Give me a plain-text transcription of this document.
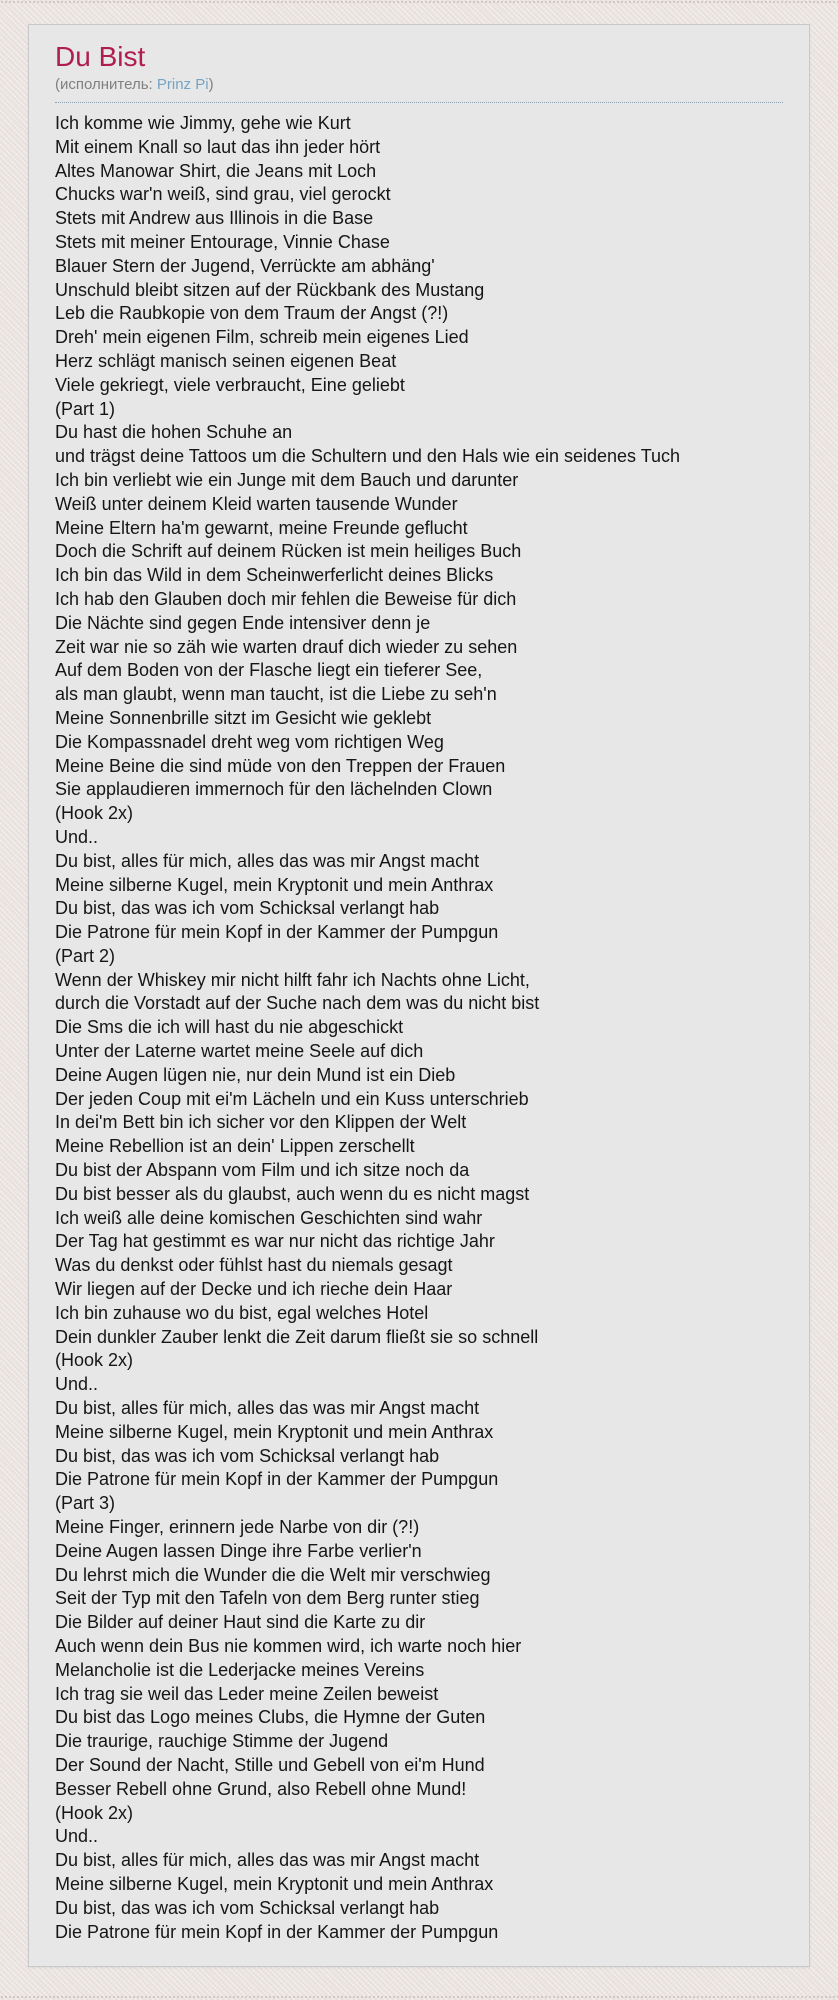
Du Bist
(исполнитель: Prinz Pi)
Ich komme wie Jimmy, gehe wie Kurt
Mit einem Knall so laut das ihn jeder hört
Altes Manowar Shirt, die Jeans mit Loch
Chucks war'n weiß, sind grau, viel gerockt
Stets mit Andrew aus Illinois in die Base
Stets mit meiner Entourage, Vinnie Chase
Blauer Stern der Jugend, Verrückte am abhäng'
Unschuld bleibt sitzen auf der Rückbank des Mustang
Leb die Raubkopie von dem Traum der Angst (?!)
Dreh' mein eigenen Film, schreib mein eigenes Lied
Herz schlägt manisch seinen eigenen Beat
Viele gekriegt, viele verbraucht, Eine geliebt
(Part 1)
Du hast die hohen Schuhe an
und trägst deine Tattoos um die Schultern und den Hals wie ein seidenes Tuch
Ich bin verliebt wie ein Junge mit dem Bauch und darunter
Weiß unter deinem Kleid warten tausende Wunder
Meine Eltern ha'm gewarnt, meine Freunde geflucht
Doch die Schrift auf deinem Rücken ist mein heiliges Buch
Ich bin das Wild in dem Scheinwerferlicht deines Blicks
Ich hab den Glauben doch mir fehlen die Beweise für dich
Die Nächte sind gegen Ende intensiver denn je
Zeit war nie so zäh wie warten drauf dich wieder zu sehen
Auf dem Boden von der Flasche liegt ein tieferer See,
als man glaubt, wenn man taucht, ist die Liebe zu seh'n
Meine Sonnenbrille sitzt im Gesicht wie geklebt
Die Kompassnadel dreht weg vom richtigen Weg
Meine Beine die sind müde von den Treppen der Frauen
Sie applaudieren immernoch für den lächelnden Clown
(Hook 2x)
Und..
Du bist, alles für mich, alles das was mir Angst macht
Meine silberne Kugel, mein Kryptonit und mein Anthrax
Du bist, das was ich vom Schicksal verlangt hab
Die Patrone für mein Kopf in der Kammer der Pumpgun
(Part 2)
Wenn der Whiskey mir nicht hilft fahr ich Nachts ohne Licht,
durch die Vorstadt auf der Suche nach dem was du nicht bist
Die Sms die ich will hast du nie abgeschickt
Unter der Laterne wartet meine Seele auf dich
Deine Augen lügen nie, nur dein Mund ist ein Dieb
Der jeden Coup mit ei'm Lächeln und ein Kuss unterschrieb
In dei'm Bett bin ich sicher vor den Klippen der Welt
Meine Rebellion ist an dein' Lippen zerschellt
Du bist der Abspann vom Film und ich sitze noch da
Du bist besser als du glaubst, auch wenn du es nicht magst
Ich weiß alle deine komischen Geschichten sind wahr
Der Tag hat gestimmt es war nur nicht das richtige Jahr
Was du denkst oder fühlst hast du niemals gesagt
Wir liegen auf der Decke und ich rieche dein Haar
Ich bin zuhause wo du bist, egal welches Hotel
Dein dunkler Zauber lenkt die Zeit darum fließt sie so schnell
(Hook 2x)
Und..
Du bist, alles für mich, alles das was mir Angst macht
Meine silberne Kugel, mein Kryptonit und mein Anthrax
Du bist, das was ich vom Schicksal verlangt hab
Die Patrone für mein Kopf in der Kammer der Pumpgun
(Part 3)
Meine Finger, erinnern jede Narbe von dir (?!)
Deine Augen lassen Dinge ihre Farbe verlier'n
Du lehrst mich die Wunder die die Welt mir verschwieg
Seit der Typ mit den Tafeln von dem Berg runter stieg
Die Bilder auf deiner Haut sind die Karte zu dir
Auch wenn dein Bus nie kommen wird, ich warte noch hier
Melancholie ist die Lederjacke meines Vereins
Ich trag sie weil das Leder meine Zeilen beweist
Du bist das Logo meines Clubs, die Hymne der Guten
Die traurige, rauchige Stimme der Jugend
Der Sound der Nacht, Stille und Gebell von ei'm Hund
Besser Rebell ohne Grund, also Rebell ohne Mund!
(Hook 2x)
Und..
Du bist, alles für mich, alles das was mir Angst macht
Meine silberne Kugel, mein Kryptonit und mein Anthrax
Du bist, das was ich vom Schicksal verlangt hab
Die Patrone für mein Kopf in der Kammer der Pumpgun
